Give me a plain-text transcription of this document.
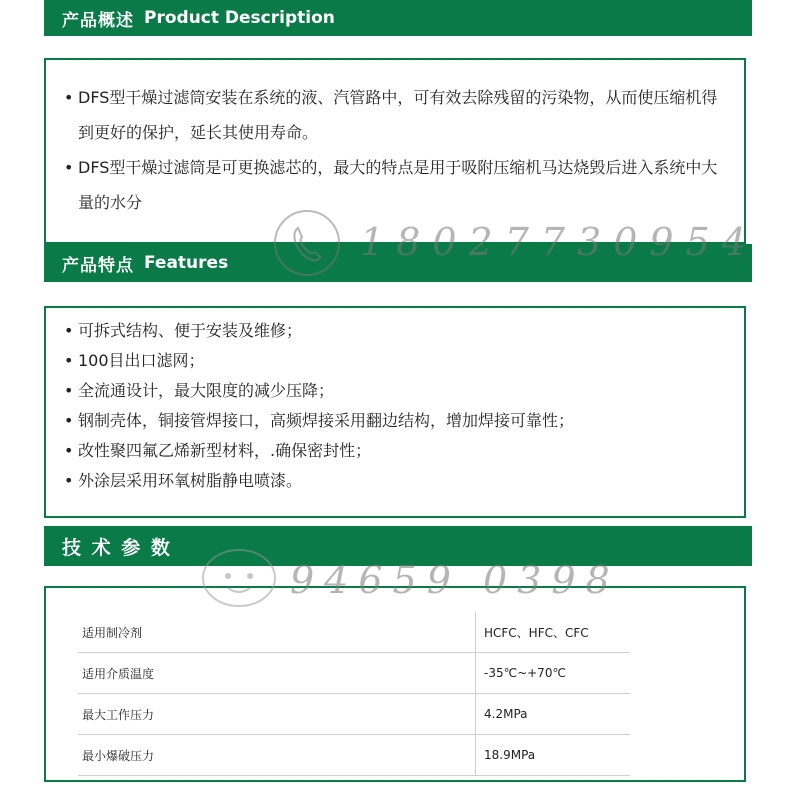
产品概述 Product Description
• DFS型干燥过滤筒安装在系统的液、汽管路中，可有效去除残留的污染物，从而使压缩机得到更好的保护，延长其使用寿命。
• DFS型干燥过滤筒是可更换滤芯的，最大的特点是用于吸附压缩机马达烧毁后进入系统中大量的水分
产品特点 Features
• 可拆式结构、便于安装及维修；
• 100目出口滤网；
• 全流通设计，最大限度的减少压降；
• 钢制壳体，铜接管焊接口，高频焊接采用翻边结构，增加焊接可靠性；
• 改性聚四氟乙烯新型材料，.确保密封性；
• 外涂层采用环氧树脂静电喷漆。
技 术 参 数
适用制冷剂	HCFC、HFC、CFC
适用介质温度	-35℃~+70℃
最大工作压力	4.2MPa
最小爆破压力	18.9MPa
18027730954
94659 0398
